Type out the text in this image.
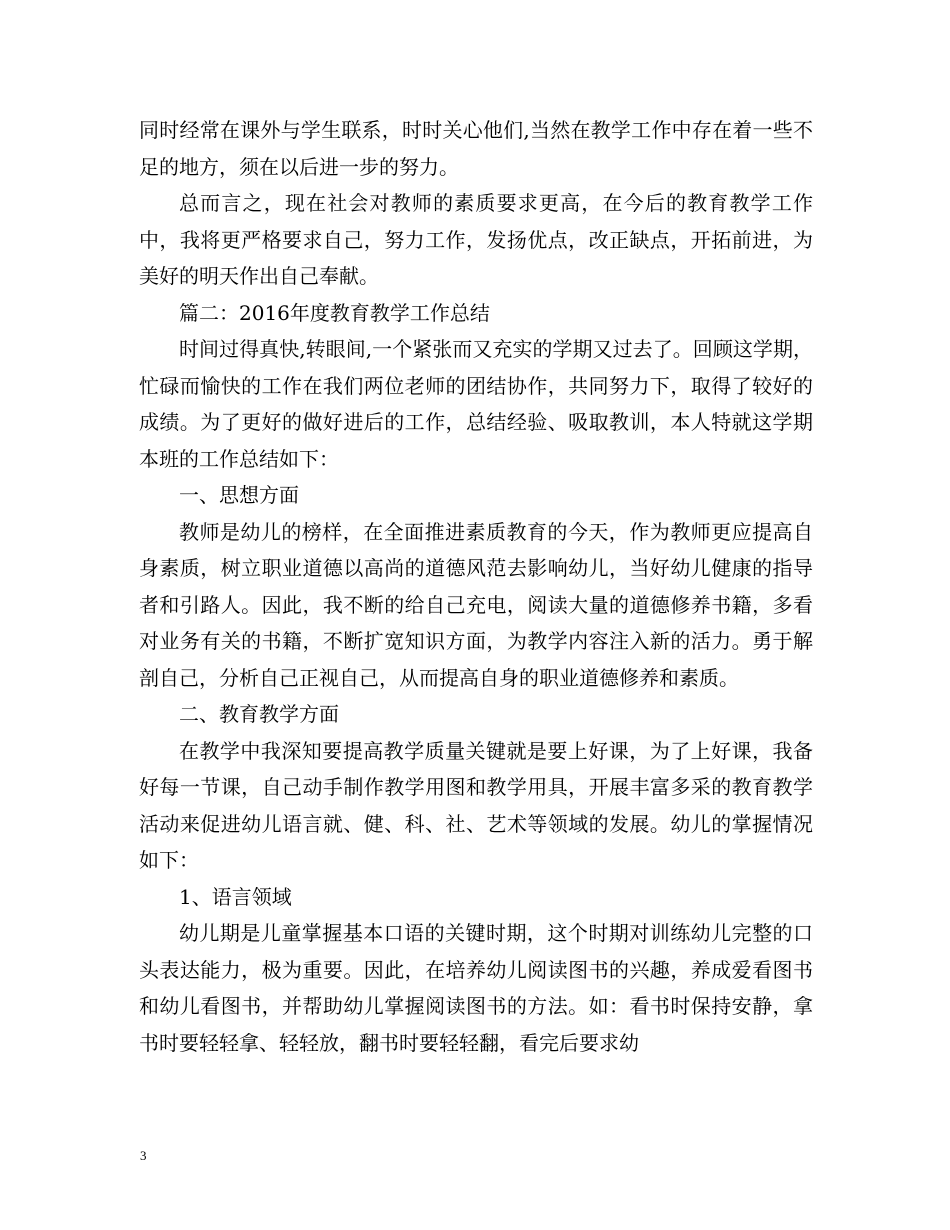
同时经常在课外与学生联系，时时关心他们,当然在教学工作中存在着一些不足的地方，须在以后进一步的努力。

总而言之，现在社会对教师的素质要求更高，在今后的教育教学工作中，我将更严格要求自己，努力工作，发扬优点，改正缺点，开拓前进，为美好的明天作出自己奉献。

篇二：2016年度教育教学工作总结

时间过得真快,转眼间,一个紧张而又充实的学期又过去了。回顾这学期，忙碌而愉快的工作在我们两位老师的团结协作，共同努力下，取得了较好的成绩。为了更好的做好进后的工作，总结经验、吸取教训，本人特就这学期本班的工作总结如下：

一、思想方面

教师是幼儿的榜样，在全面推进素质教育的今天，作为教师更应提高自身素质，树立职业道德以高尚的道德风范去影响幼儿，当好幼儿健康的指导者和引路人。因此，我不断的给自己充电，阅读大量的道德修养书籍，多看对业务有关的书籍，不断扩宽知识方面，为教学内容注入新的活力。勇于解剖自己，分析自己正视自己，从而提高自身的职业道德修养和素质。

二、教育教学方面

在教学中我深知要提高教学质量关键就是要上好课，为了上好课，我备好每一节课，自己动手制作教学用图和教学用具，开展丰富多采的教育教学活动来促进幼儿语言就、健、科、社、艺术等领域的发展。幼儿的掌握情况如下：

1、语言领域

幼儿期是儿童掌握基本口语的关键时期，这个时期对训练幼儿完整的口头表达能力，极为重要。因此，在培养幼儿阅读图书的兴趣，养成爱看图书和幼儿看图书，并帮助幼儿掌握阅读图书的方法。如：看书时保持安静，拿书时要轻轻拿、轻轻放，翻书时要轻轻翻，看完后要求幼

3
